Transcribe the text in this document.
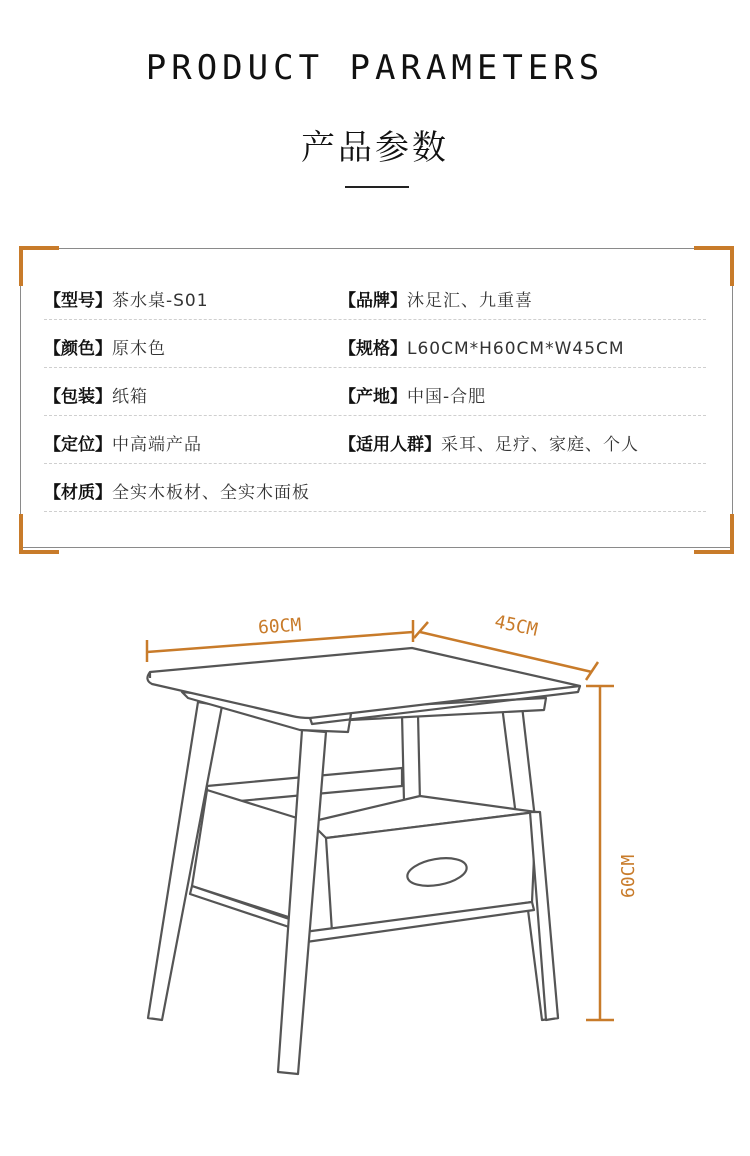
PRODUCT PARAMETERS
产品参数
【型号】茶水桌-S01	【品牌】沐足汇、九重喜
【颜色】原木色	【规格】L60CM*H60CM*W45CM
【包装】纸箱	【产地】中国-合肥
【定位】中高端产品	【适用人群】采耳、足疗、家庭、个人
【材质】全实木板材、全实木面板
60CM	45CM
60CM
